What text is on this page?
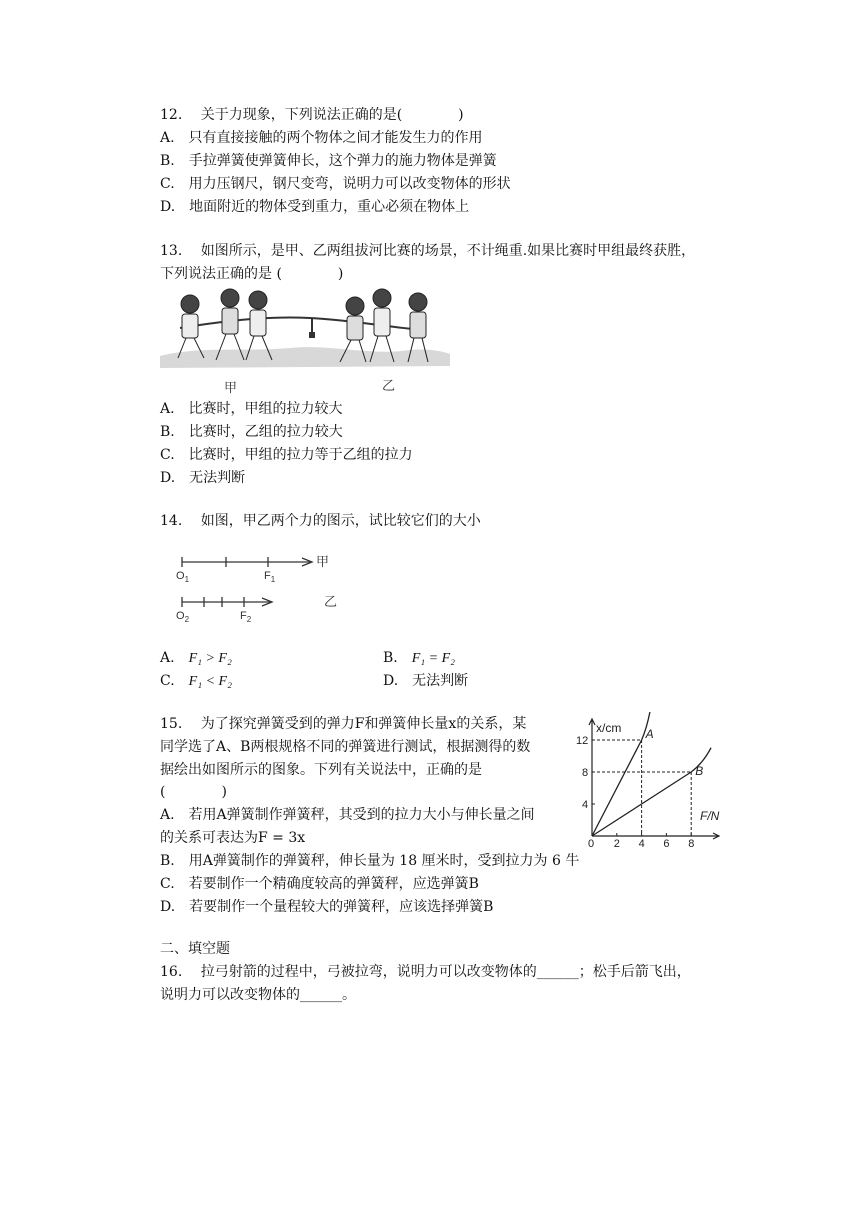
12.　 关于力现象，下列说法正确的是(　　　　)
A.　只有直接接触的两个物体之间才能发生力的作用
B.　手拉弹簧使弹簧伸长，这个弹力的施力物体是弹簧
C.　用力压钢尺，钢尺变弯，说明力可以改变物体的形状
D.　地面附近的物体受到重力，重心必须在物体上
13.　 如图所示，是甲、乙两组拔河比赛的场景，不计绳重.如果比赛时甲组最终获胜，
下列说法正确的是 (　　　　)
甲	乙
A.　比赛时，甲组的拉力较大
B.　比赛时，乙组的拉力较大
C.　比赛时，甲组的拉力等于乙组的拉力
D.　无法判断
14.　 如图，甲乙两个力的图示，试比较它们的大小
甲
乙
$O_1$	$F_1$
$O_2$	$F_2$
A.　 F₁ > F₂	B.　 F₁ = F₂
C.　 F₁ < F₂	D.　无法判断
15.　 为了探究弹簧受到的弹力F和弹簧伸长量x的关系，某
同学选了A、B两根规格不同的弹簧进行测试，根据测得的数
据绘出如图所示的图象。下列有关说法中，正确的是
(　　　　)
A.　若用A弹簧制作弹簧秤，其受到的拉力大小与伸长量之间
的关系可表达为F = 3x
B.　用A弹簧制作的弹簧秤，伸长量为 18 厘米时，受到拉力为 6 牛
C.　若要制作一个精确度较高的弹簧秤，应选弹簧B
D.　若要制作一个量程较大的弹簧秤，应该选择弹簧B
x/cm
F/N
0 2 4 6 8
4
8
12	A
B
二、填空题
16.　 拉弓射箭的过程中，弓被拉弯，说明力可以改变物体的______；松手后箭飞出，
说明力可以改变物体的______。
